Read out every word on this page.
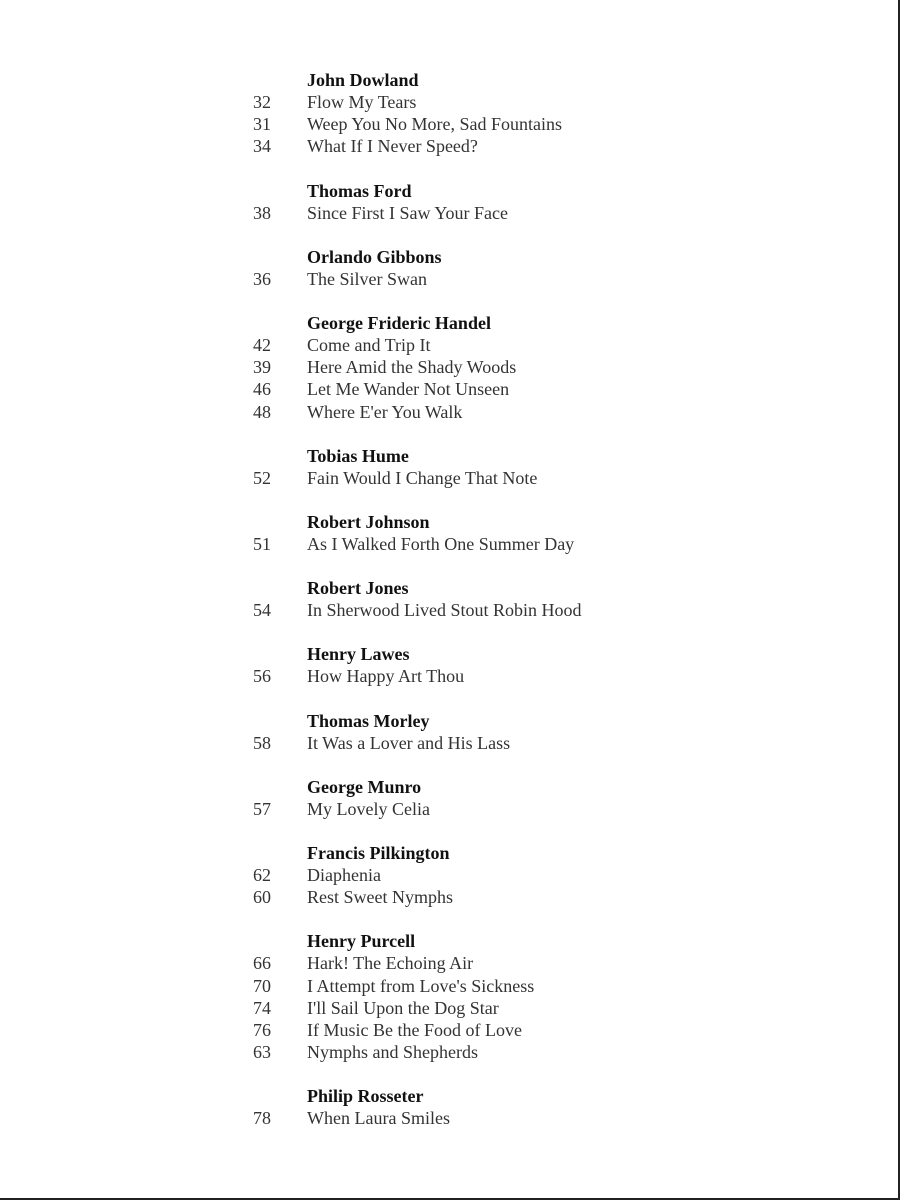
John Dowland
32	Flow My Tears
31	Weep You No More, Sad Fountains
34	What If I Never Speed?
Thomas Ford
38	Since First I Saw Your Face
Orlando Gibbons
36	The Silver Swan
George Frideric Handel
42	Come and Trip It
39	Here Amid the Shady Woods
46	Let Me Wander Not Unseen
48	Where E'er You Walk
Tobias Hume
52	Fain Would I Change That Note
Robert Johnson
51	As I Walked Forth One Summer Day
Robert Jones
54	In Sherwood Lived Stout Robin Hood
Henry Lawes
56	How Happy Art Thou
Thomas Morley
58	It Was a Lover and His Lass
George Munro
57	My Lovely Celia
Francis Pilkington
62	Diaphenia
60	Rest Sweet Nymphs
Henry Purcell
66	Hark! The Echoing Air
70	I Attempt from Love's Sickness
74	I'll Sail Upon the Dog Star
76	If Music Be the Food of Love
63	Nymphs and Shepherds
Philip Rosseter
78	When Laura Smiles
